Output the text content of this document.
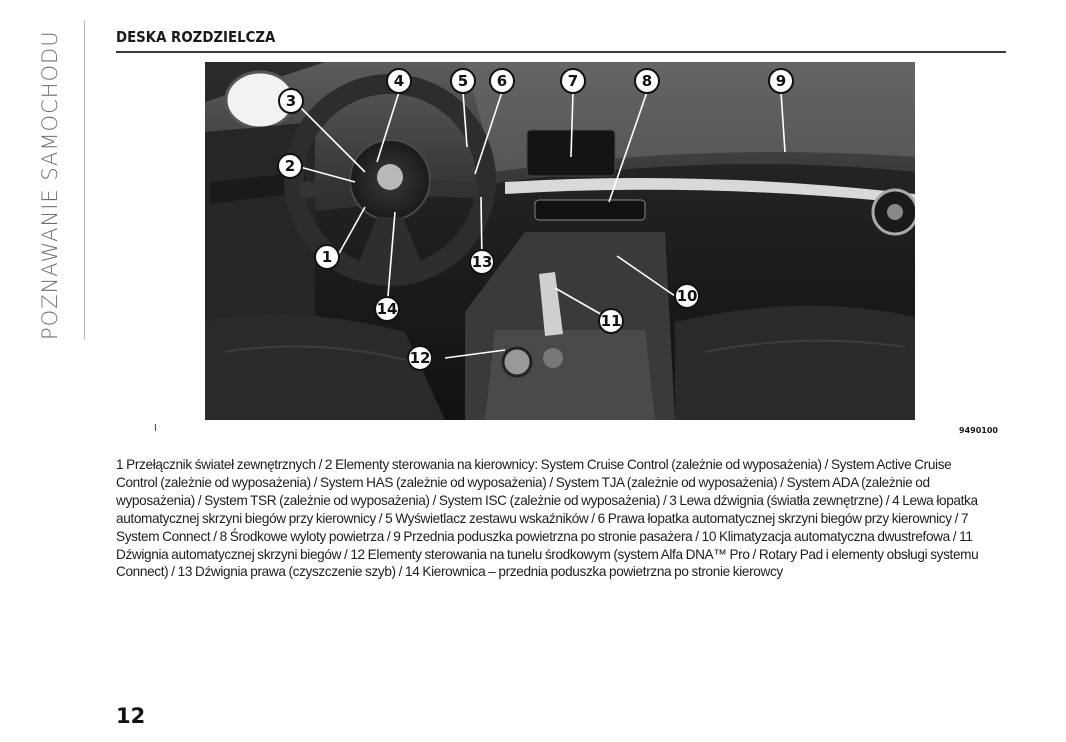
POZNAWANIE SAMOCHODU	DESKA ROZDZIELCZA
1
2
3
4	5 6	7	8	9
10
11
12
13
14
I	9490100
1 Przełącznik świateł zewnętrznych / 2 Elementy sterowania na kierownicy: System Cruise Control (zależnie od wyposażenia) / System Active Cruise Control (zależnie od wyposażenia) / System HAS (zależnie od wyposażenia) / System TJA (zależnie od wyposażenia) / System ADA (zależnie od wyposażenia) / System TSR (zależnie od wyposażenia) / System ISC (zależnie od wyposażenia) / 3 Lewa dźwignia (światła zewnętrzne) / 4 Lewa łopatka automatycznej skrzyni biegów przy kierownicy / 5 Wyświetlacz zestawu wskaźników / 6 Prawa łopatka automatycznej skrzyni biegów przy kierownicy / 7 System Connect / 8 Środkowe wyloty powietrza / 9 Przednia poduszka powietrzna po stronie pasażera / 10 Klimatyzacja automatyczna dwustrefowa / 11 Dźwignia automatycznej skrzyni biegów / 12 Elementy sterowania na tunelu środkowym (system Alfa DNA™ Pro / Rotary Pad i elementy obsługi systemu Connect) / 13 Dźwignia prawa (czyszczenie szyb) / 14 Kierownica – przednia poduszka powietrzna po stronie kierowcy
12
